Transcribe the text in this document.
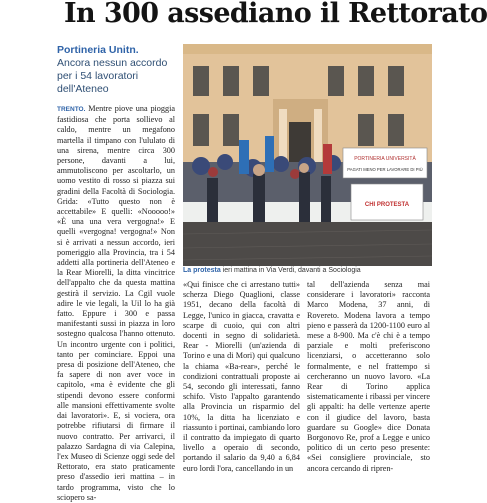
In 300 assediano il Rettorato
Portineria Unitn.
Ancora nessun accordo per i 54 lavoratori dell'Ateneo

TRENTO. Mentre piove una pioggia fastidiosa che porta sollievo al caldo, mentre un megafono martella il timpano con l'ululato di una sirena, mentre circa 300 persone, davanti a lui, ammutoliscono per ascoltarlo, un uomo vestito di rosso si piazza sui gradini della Facoltà di Sociologia. Grida: «Tutto questo non è accettabile» E quelli: «Nooooo!» «È una una vera vergogna!» E quelli «vergogna! vergogna!» Non si è arrivati a nessun accordo, ieri pomeriggio alla Provincia, tra i 54 addetti alla portineria dell'Ateneo e la Rear Miorelli, la ditta vincitrice dell'appalto che da questa mattina gestirà il servizio. La Cgil vuole adire le vie legali, la Uil lo ha già fatto. Eppure i 300 e passa manifestanti sussi in piazza in loro sostegno qualcosa l'hanno ottenuto. Un incontro urgente con i politici, tanto per cominciare. Eppoi una presa di posizione dell'Ateneo, che fa sapere di non aver voce in capitolo, «ma è evidente che gli stipendi devono essere conformi alle mansioni effettivamente svolte dai lavoratori». E, si vociera, ora potrebbe rifiutarsi di firmare il nuovo contratto. Per arrivarci, il palazzo Sardagna di via Calepina, l'ex Museo di Scienze oggi sede del Rettorato, era stato praticamente preso d'assedio ieri mattina – in tardo programma, visto che lo sciopero sa-

PORTINERIA UNIVERSITÀ
PAGATI MENO PER LAVORARE DI PIÙ
CHI PROTESTA
La protesta ieri mattina in Via Verdi, davanti a Sociologia

«Qui finisce che ci arrestano tutti» scherza Diego Quaglioni, classe 1951, decano della facoltà di Legge, l'unico in giacca, cravatta e scarpe di cuoio, qui con altri docenti in segno di solidarietà. Rear - Miorelli (un'azienda di Torino e una di Mori) qui qualcuno la chiama «Ba-rear», perché le condizioni contrattuali proposte ai 54, secondo gli interessati, fanno schifo. Visto l'appalto garantendo alla Provincia un risparmio del 10%, la ditta ha licenziato e riassunto i portinai, cambiando loro il contratto da impiegato di quarto livello a operaio di secondo, portando il salario da 9,40 a 6,84 euro lordi l'ora, cancellando in un

tal dell'azienda senza mai considerare i lavoratori» racconta Marco Modena, 37 anni, di Rovereto. Modena lavora a tempo pieno e passerà da 1200-1100 euro al mese a 8-900. Ma c'è chi è a tempo parziale e molti preferiscono licenziarsi, o accetteranno solo formalmente, e nel frattempo si cercheranno un nuovo lavoro. «La Rear di Torino applica sistematicamente i ribassi per vincere gli appalti: ha delle vertenze aperte con il giudice del lavoro, basta guardare su Google» dice Donata Borgonovo Re, prof a Legge e unico politico di un certo peso presente: «Sei consigliere provinciale, sto ancora cercando di ripren-
